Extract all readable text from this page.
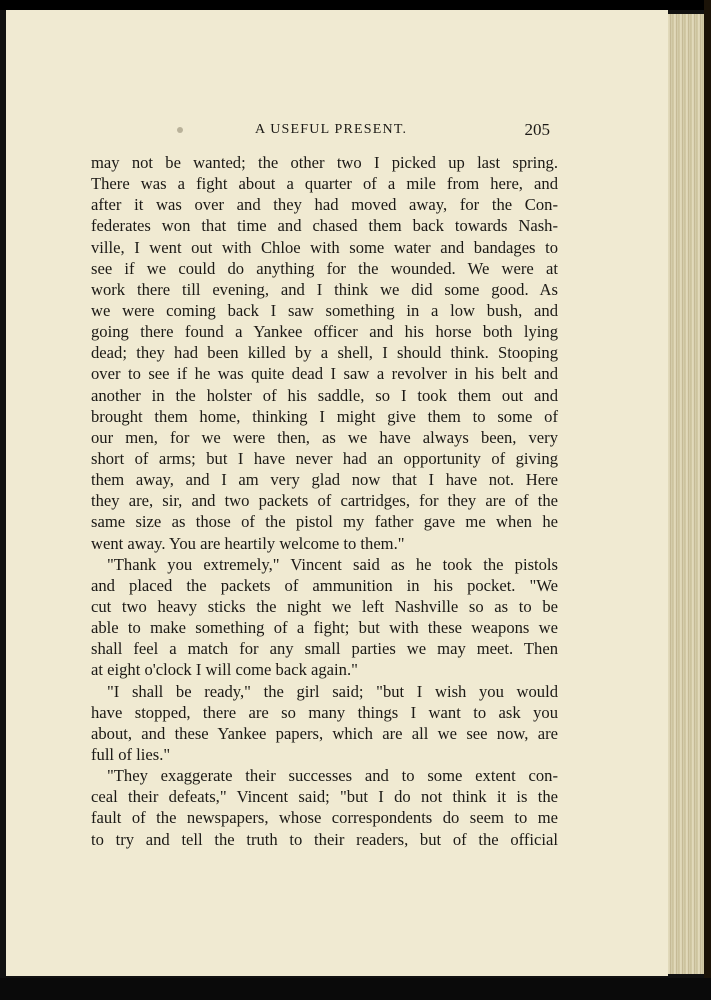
A USEFUL PRESENT.	205
may not be wanted; the other two I picked up last spring.
There was a fight about a quarter of a mile from here, and
after it was over and they had moved away, for the Con-
federates won that time and chased them back towards Nash-
ville, I went out with Chloe with some water and bandages to
see if we could do anything for the wounded. We were at
work there till evening, and I think we did some good. As
we were coming back I saw something in a low bush, and
going there found a Yankee officer and his horse both lying
dead; they had been killed by a shell, I should think. Stooping
over to see if he was quite dead I saw a revolver in his belt and
another in the holster of his saddle, so I took them out and
brought them home, thinking I might give them to some of
our men, for we were then, as we have always been, very
short of arms; but I have never had an opportunity of giving
them away, and I am very glad now that I have not. Here
they are, sir, and two packets of cartridges, for they are of the
same size as those of the pistol my father gave me when he
went away. You are heartily welcome to them."
"Thank you extremely," Vincent said as he took the pistols
and placed the packets of ammunition in his pocket. "We
cut two heavy sticks the night we left Nashville so as to be
able to make something of a fight; but with these weapons we
shall feel a match for any small parties we may meet. Then
at eight o'clock I will come back again."
"I shall be ready," the girl said; "but I wish you would
have stopped, there are so many things I want to ask you
about, and these Yankee papers, which are all we see now, are
full of lies."
"They exaggerate their successes and to some extent con-
ceal their defeats," Vincent said; "but I do not think it is the
fault of the newspapers, whose correspondents do seem to me
to try and tell the truth to their readers, but of the official
